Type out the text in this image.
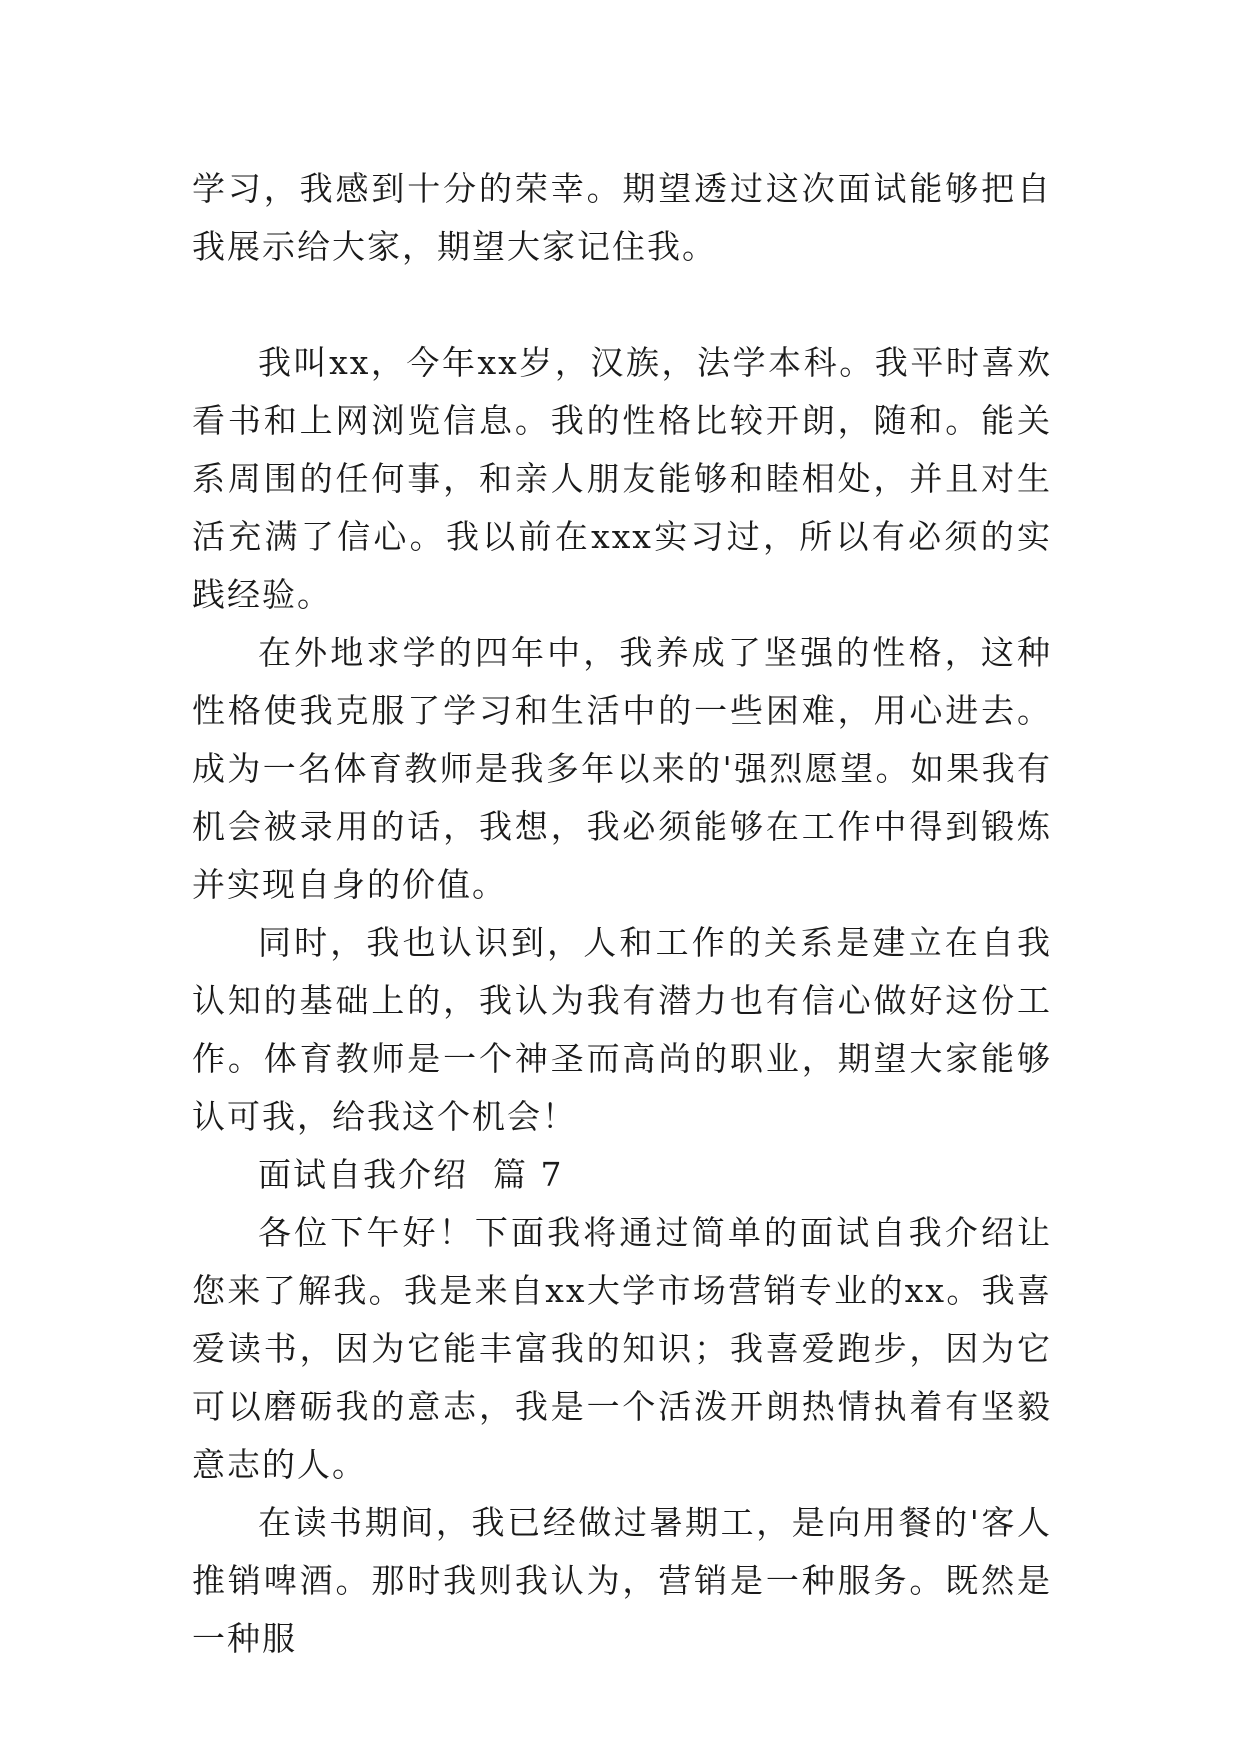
学习，我感到十分的荣幸。期望透过这次面试能够把自我展示给大家，期望大家记住我。

我叫xx，今年xx岁，汉族，法学本科。我平时喜欢看书和上网浏览信息。我的性格比较开朗，随和。能关系周围的任何事，和亲人朋友能够和睦相处，并且对生活充满了信心。我以前在xxx实习过，所以有必须的实践经验。

在外地求学的四年中，我养成了坚强的性格，这种性格使我克服了学习和生活中的一些困难，用心进去。成为一名体育教师是我多年以来的'强烈愿望。如果我有机会被录用的话，我想，我必须能够在工作中得到锻炼并实现自身的价值。

同时，我也认识到，人和工作的关系是建立在自我认知的基础上的，我认为我有潜力也有信心做好这份工作。体育教师是一个神圣而高尚的职业，期望大家能够认可我，给我这个机会！

面试自我介绍  篇 7

各位下午好！下面我将通过简单的面试自我介绍让您来了解我。我是来自xx大学市场营销专业的xx。我喜爱读书，因为它能丰富我的知识；我喜爱跑步，因为它可以磨砺我的意志，我是一个活泼开朗热情执着有坚毅意志的人。

在读书期间，我已经做过暑期工，是向用餐的'客人推销啤酒。那时我则我认为，营销是一种服务。既然是一种服
